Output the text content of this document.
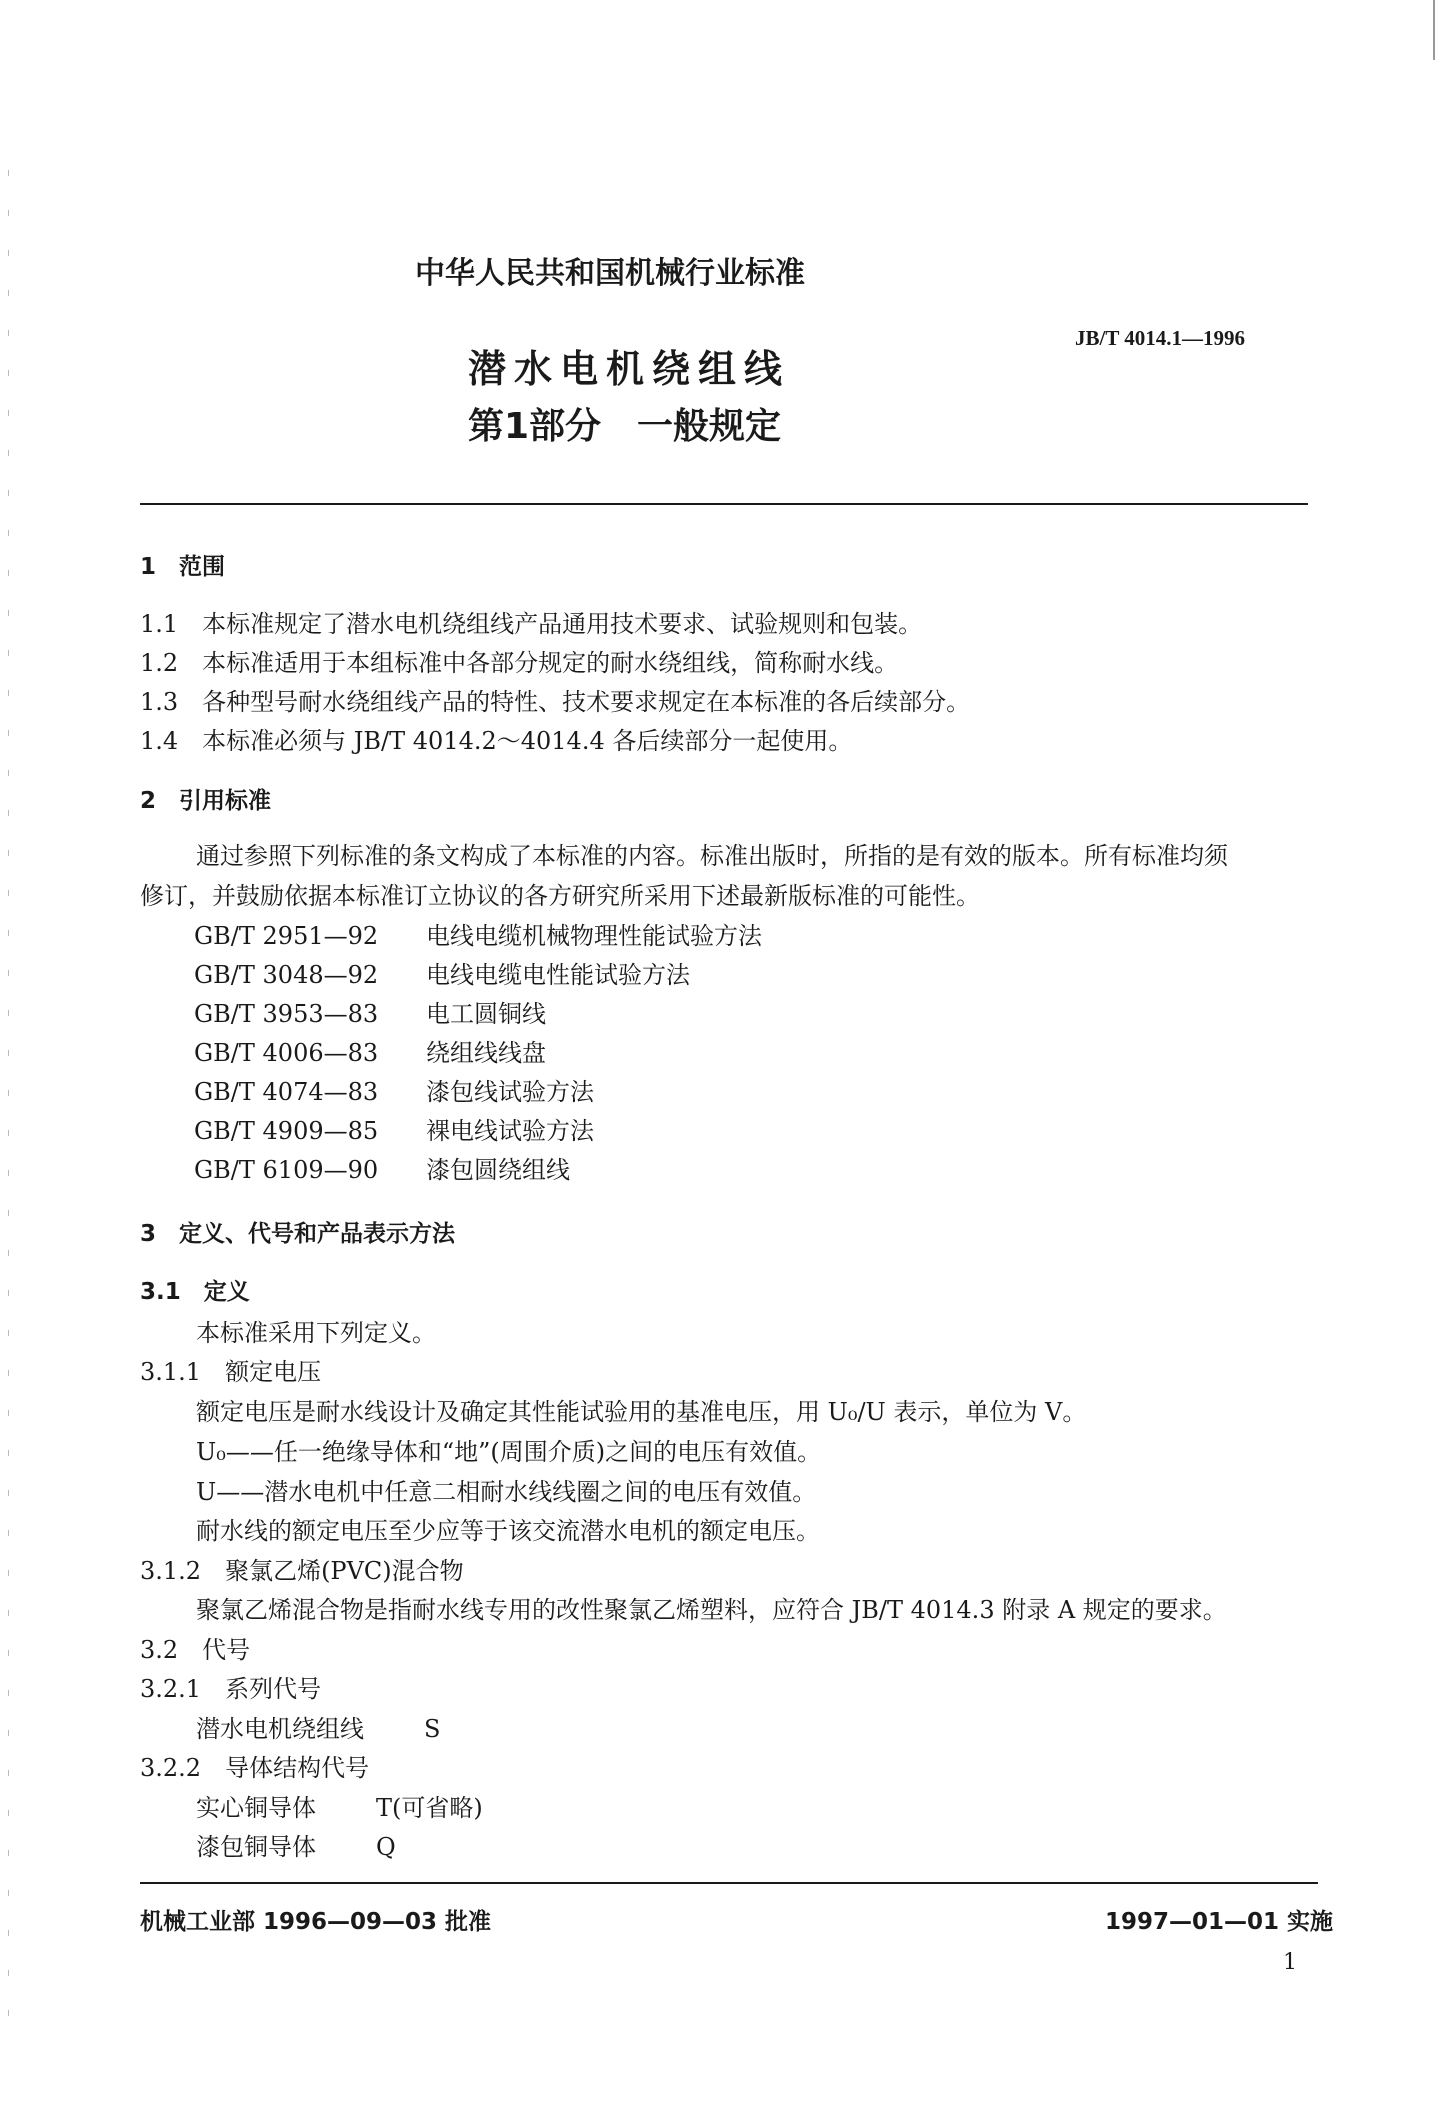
中华人民共和国机械行业标准
潜水电机绕组线
第1部分　一般规定
JB/T 4014.1—1996
1　范围
1.1　本标准规定了潜水电机绕组线产品通用技术要求、试验规则和包装。
1.2　本标准适用于本组标准中各部分规定的耐水绕组线，简称耐水线。
1.3　各种型号耐水绕组线产品的特性、技术要求规定在本标准的各后续部分。
1.4　本标准必须与 JB/T 4014.2～4014.4 各后续部分一起使用。
2　引用标准
通过参照下列标准的条文构成了本标准的内容。标准出版时，所指的是有效的版本。所有标准均须
修订，并鼓励依据本标准订立协议的各方研究所采用下述最新版标准的可能性。
GB/T 2951—92 电线电缆机械物理性能试验方法
GB/T 3048—92 电线电缆电性能试验方法
GB/T 3953—83 电工圆铜线
GB/T 4006—83 绕组线线盘
GB/T 4074—83 漆包线试验方法
GB/T 4909—85 裸电线试验方法
GB/T 6109—90 漆包圆绕组线
3　定义、代号和产品表示方法
3.1　定义
本标准采用下列定义。
3.1.1　额定电压
额定电压是耐水线设计及确定其性能试验用的基准电压，用 U₀/U 表示，单位为 V。
U₀——任一绝缘导体和“地”(周围介质)之间的电压有效值。
U——潜水电机中任意二相耐水线线圈之间的电压有效值。
耐水线的额定电压至少应等于该交流潜水电机的额定电压。
3.1.2　聚氯乙烯(PVC)混合物
聚氯乙烯混合物是指耐水线专用的改性聚氯乙烯塑料，应符合 JB/T 4014.3 附录 A 规定的要求。
3.2　代号
3.2.1　系列代号
潜水电机绕组线	S
3.2.2　导体结构代号
实心铜导体	T(可省略)
漆包铜导体	Q
机械工业部 1996—09—03 批准	1997—01—01 实施
1
